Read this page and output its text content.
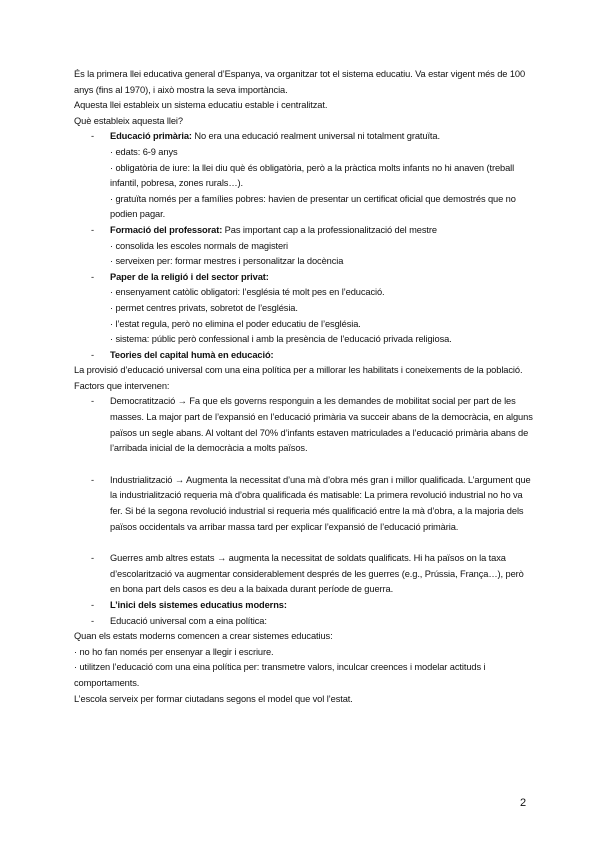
És la primera llei educativa general d’Espanya, va organitzar tot el sistema educatiu. Va estar vigent més de 100 anys (fins al 1970), i això mostra la seva importància.

Aquesta llei estableix un sistema educatiu estable i centralitzat.

Què estableix aquesta llei?

- Educació primària: No era una educació realment universal ni totalment gratuïta.

· edats: 6-9 anys

· obligatòria de iure: la llei diu què és obligatòria, però a la pràctica molts infants no hi anaven (treball infantil, pobresa, zones rurals…).

· gratuïta només per a famílies pobres: havien de presentar un certificat oficial que demostrés que no podien pagar.

- Formació del professorat: Pas important cap a la professionalització del mestre

· consolida les escoles normals de magisteri

· serveixen per: formar mestres i personalitzar la docència

- Paper de la religió i del sector privat:

· ensenyament catòlic obligatori: l’església té molt pes en l’educació.

· permet centres privats, sobretot de l’església.

· l’estat regula, però no elimina el poder educatiu de l’església.

· sistema: públic però confessional i amb la presència de l’educació privada religiosa.

- Teories del capital humà en educació:

La provisió d’educació universal com una eina política per a millorar les habilitats i coneixements de la població.

Factors que intervenen:

- Democratització → Fa que els governs responguin a les demandes de mobilitat social per part de les masses. La major part de l’expansió en l’educació primària va succeir abans de la democràcia, en alguns països un segle abans. Al voltant del 70% d’infants estaven matriculades a l’educació primària abans de l’arribada inicial de la democràcia a molts països.
- Industrialització → Augmenta la necessitat d’una mà d’obra més gran i millor qualificada. L’argument que la industrialització requeria mà d’obra qualificada és matisable: La primera revolució industrial no ho va fer. Si bé la segona revolució industrial si requeria més qualificació entre la mà d’obra, a la majoria dels països occidentals va arribar massa tard per explicar l’expansió de l’educació primària.
- Guerres amb altres estats → augmenta la necessitat de soldats qualificats. Hi ha països on la taxa d’escolarització va augmentar considerablement després de les guerres (e.g., Prússia, França…), però en bona part dels casos es deu a la baixada durant període de guerra.
- L’inici dels sistemes educatius moderns:
- Educació universal com a eina política:

Quan els estats moderns comencen a crear sistemes educatius:

· no ho fan només per ensenyar a llegir i escriure.

· utilitzen l’educació com una eina política per: transmetre valors, inculcar creences i modelar actituds i comportaments.

L’escola serveix per formar ciutadans segons el model que vol l’estat.

2
